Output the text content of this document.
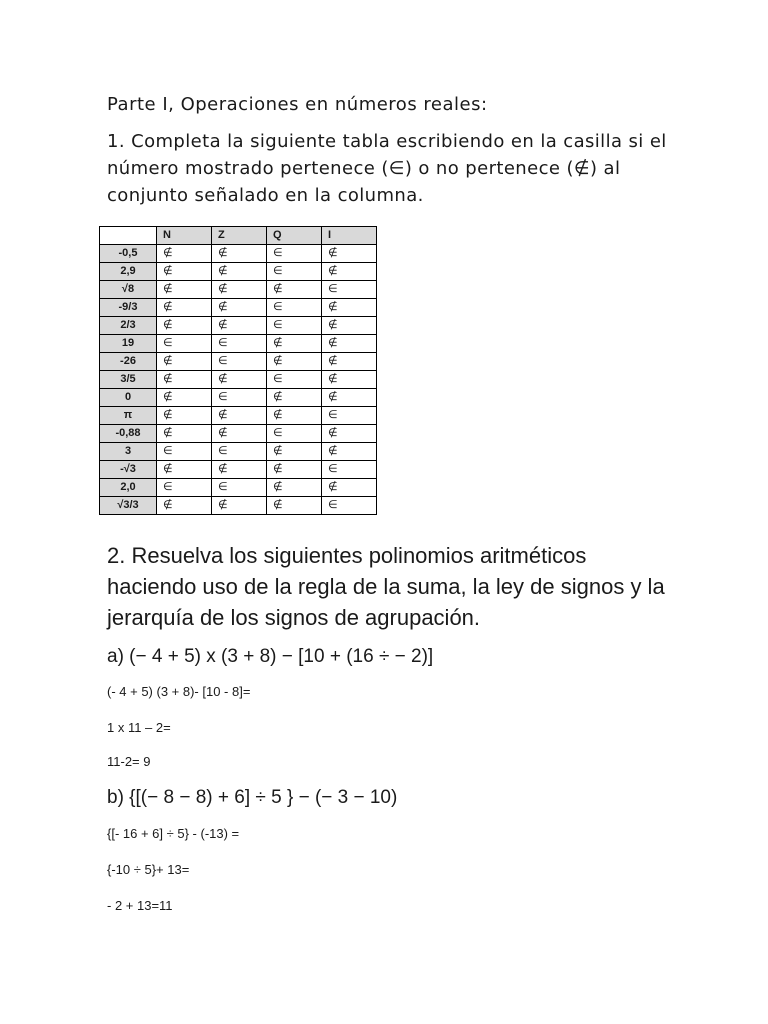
Parte I, Operaciones en números reales:
1. Completa la siguiente tabla escribiendo en la casilla si el número mostrado pertenece (∈) o no pertenece (∉) al conjunto señalado en la columna.
	N	Z	Q	I
-0,5	∉	∉	∈	∉
2,9	∉	∉	∈	∉
√8	∉	∉	∉	∈
-9/3	∉	∉	∈	∉
2/3	∉	∉	∈	∉
19	∈	∈	∉	∉
-26	∉	∈	∉	∉
3/5	∉	∉	∈	∉
0	∉	∈	∉	∉
π	∉	∉	∉	∈
-0,88	∉	∉	∈	∉
3	∈	∈	∉	∉
-√3	∉	∉	∉	∈
2,0	∈	∈	∉	∉
√3/3	∉	∉	∉	∈
2. Resuelva los siguientes polinomios aritméticos haciendo uso de la regla de la suma, la ley de signos y la jerarquía de los signos de agrupación.
a) (− 4 + 5) x (3 + 8) − [10 + (16 ÷ − 2)]
(- 4 + 5) (3 + 8)- [10 - 8]=
1 x 11 – 2=
11-2= 9
b) {[(− 8 − 8) + 6] ÷ 5 } − (− 3 − 10)
{[- 16 + 6] ÷ 5} - (-13) =
{-10 ÷ 5}+ 13=
- 2 + 13=11
